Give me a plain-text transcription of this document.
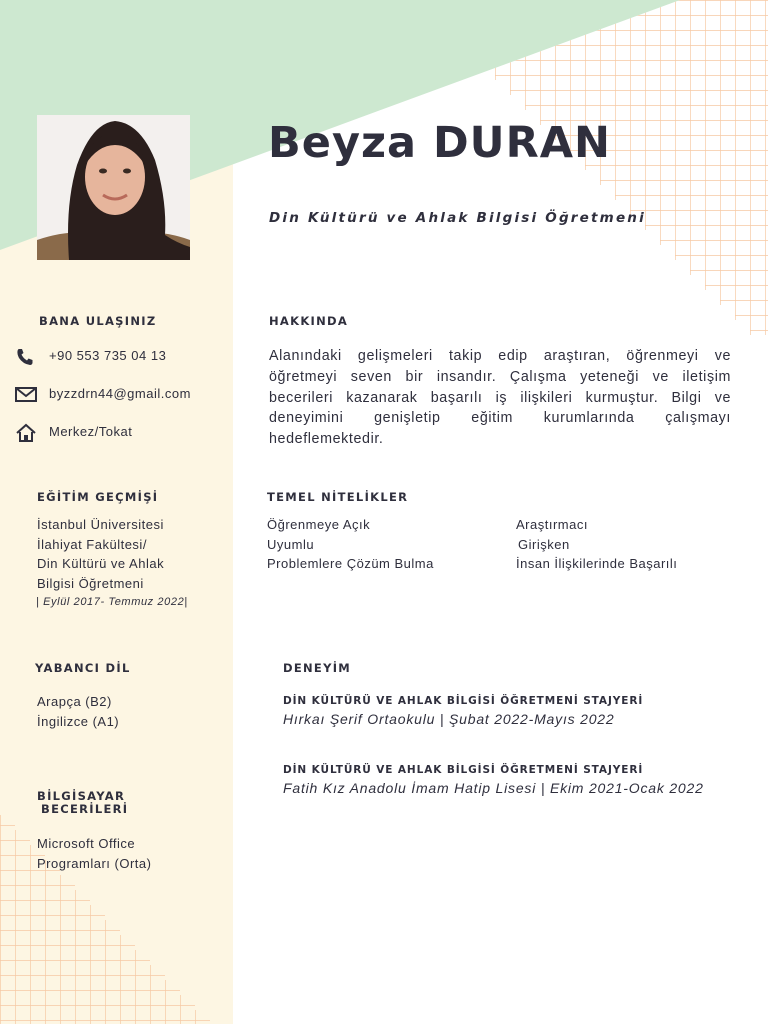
Beyza DURAN
Din Kültürü ve Ahlak Bilgisi Öğretmeni
BANA ULAŞINIZ
+90 553 735 04 13
byzzdrn44@gmail.com
Merkez/Tokat
HAKKINDA
Alanındaki gelişmeleri takip edip araştıran, öğrenmeyi ve öğretmeyi seven bir insandır. Çalışma yeteneği ve iletişim becerileri kazanarak başarılı iş ilişkileri kurmuştur. Bilgi ve deneyimini genişletip eğitim kurumlarında çalışmayı hedeflemektedir.
EĞİTİM GEÇMİŞİ
İstanbul Üniversitesi
İlahiyat Fakültesi/
Din Kültürü ve Ahlak
Bilgisi Öğretmeni
| Eylül 2017- Temmuz 2022|
TEMEL NİTELİKLER
Öğrenmeye Açık
Uyumlu
Problemlere Çözüm Bulma
Araştırmacı
Girişken
İnsan İlişkilerinde Başarılı
YABANCI DİL
Arapça (B2)
İngilizce (A1)
DENEYİM
DİN KÜLTÜRÜ VE AHLAK BİLGİSİ ÖĞRETMENİ STAJYERİ
Hırkaı Şerif Ortaokulu | Şubat 2022-Mayıs 2022
DİN KÜLTÜRÜ VE AHLAK BİLGİSİ ÖĞRETMENİ STAJYERİ
Fatih Kız Anadolu İmam Hatip Lisesi | Ekim 2021-Ocak 2022
BİLGİSAYAR
BECERİLERİ
Microsoft Office
Programları (Orta)
